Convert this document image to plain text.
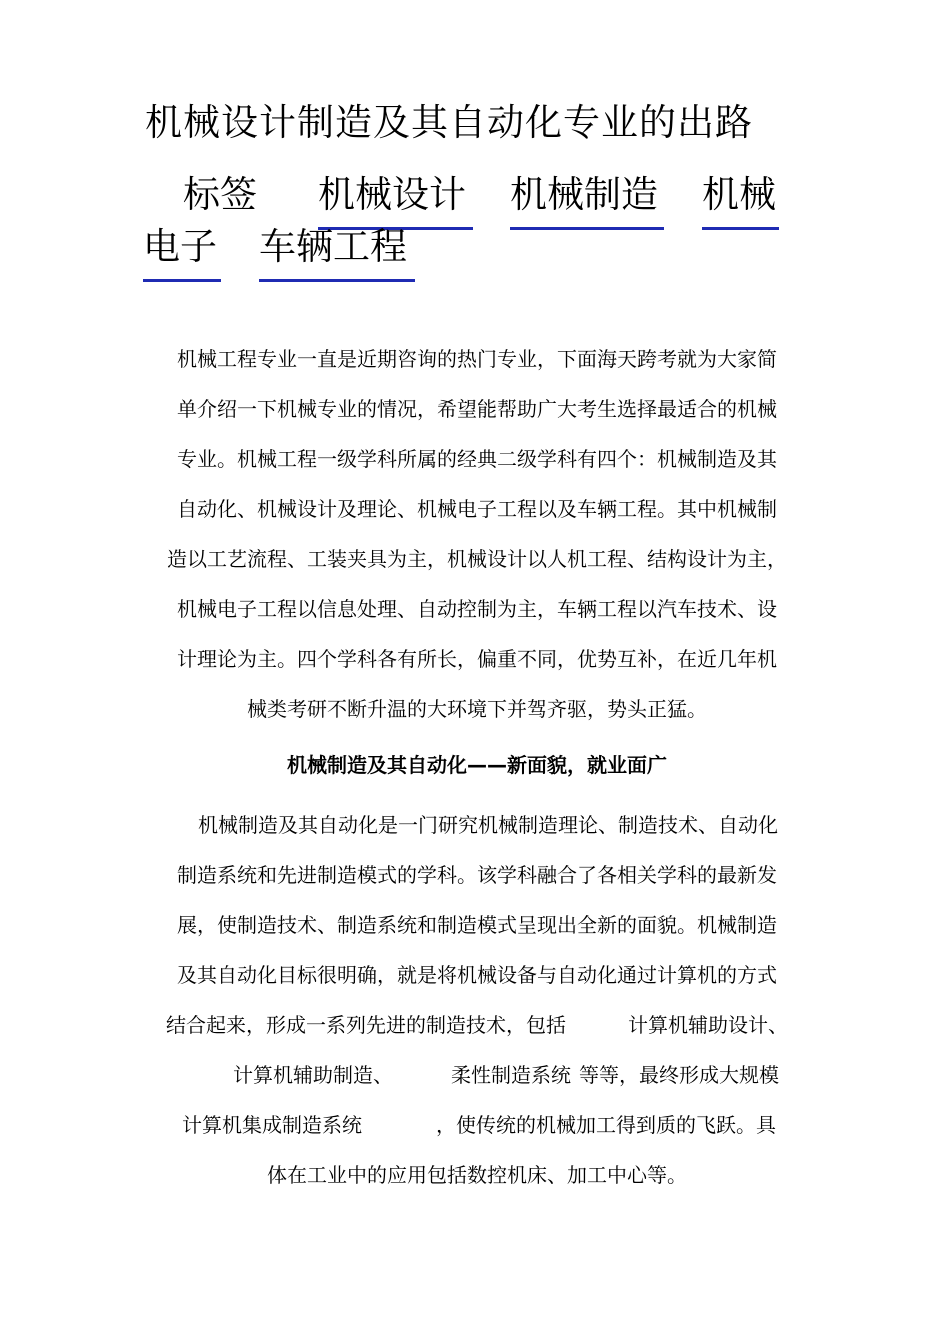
机械设计制造及其自动化专业的出路
标签 机械设计 机械制造 机械
电子 车辆工程
机械工程专业一直是近期咨询的热门专业，下面海天跨考就为大家简
单介绍一下机械专业的情况，希望能帮助广大考生选择最适合的机械
专业。机械工程一级学科所属的经典二级学科有四个：机械制造及其
自动化、机械设计及理论、机械电子工程以及车辆工程。其中机械制
造以工艺流程、工装夹具为主，机械设计以人机工程、结构设计为主，
机械电子工程以信息处理、自动控制为主，车辆工程以汽车技术、设
计理论为主。四个学科各有所长，偏重不同，优势互补，在近几年机
械类考研不断升温的大环境下并驾齐驱，势头正猛。
机械制造及其自动化——新面貌，就业面广
机械制造及其自动化是一门研究机械制造理论、制造技术、自动化
制造系统和先进制造模式的学科。该学科融合了各相关学科的最新发
展，使制造技术、制造系统和制造模式呈现出全新的面貌。机械制造
及其自动化目标很明确，就是将机械设备与自动化通过计算机的方式
结合起来，形成一系列先进的制造技术，包括	计算机辅助设计、
计算机辅助制造、	柔性制造系统 等等，最终形成大规模
计算机集成制造系统	，使传统的机械加工得到质的飞跃。具
体在工业中的应用包括数控机床、加工中心等。
